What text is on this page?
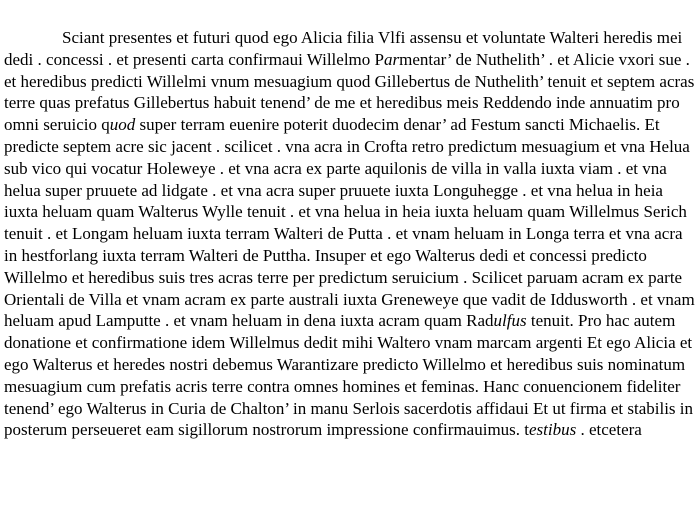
Sciant presentes et futuri quod ego Alicia filia Vlfi assensu et voluntate Walteri heredis mei dedi . concessi . et presenti carta confirmaui Willelmo Parmentar’ de Nuthelith’ . et Alicie vxori sue . et heredibus predicti Willelmi vnum mesuagium quod Gillebertus de Nuthelith’ tenuit et septem acras terre quas prefatus Gillebertus habuit tenend’ de me et heredibus meis Reddendo inde annuatim pro omni seruicio quod super terram euenire poterit duodecim denar’ ad Festum sancti Michaelis. Et predicte septem acre sic jacent . scilicet . vna acra in Crofta retro predictum mesuagium et vna Helua sub vico qui vocatur Holeweye . et vna acra ex parte aquilonis de villa in valla iuxta viam . et vna helua super pruuete ad lidgate . et vna acra super pruuete iuxta Longuhegge . et vna helua in heia iuxta heluam quam Walterus Wylle tenuit . et vna helua in heia iuxta heluam quam Willelmus Serich tenuit . et Longam heluam iuxta terram Walteri de Putta . et vnam heluam in Longa terra et vna acra in hestforlang iuxta terram Walteri de Puttha. Insuper et ego Walterus dedi et concessi predicto Willelmo et heredibus suis tres acras terre per predictum seruicium . Scilicet paruam acram ex parte Orientali de Villa et vnam acram ex parte australi iuxta Greneweye que vadit de Iddusworth . et vnam heluam apud Lamputte . et vnam heluam in dena iuxta acram quam Radulfus tenuit. Pro hac autem donatione et confirmatione idem Willelmus dedit mihi Waltero vnam marcam argenti Et ego Alicia et ego Walterus et heredes nostri debemus Warantizare predicto Willelmo et heredibus suis nominatum mesuagium cum prefatis acris terre contra omnes homines et feminas. Hanc conuencionem fideliter tenend’ ego Walterus in Curia de Chalton’ in manu Serlois sacerdotis affidaui Et ut firma et stabilis in posterum perseueret eam sigillorum nostrorum impressione confirmauimus. testibus . etcetera
